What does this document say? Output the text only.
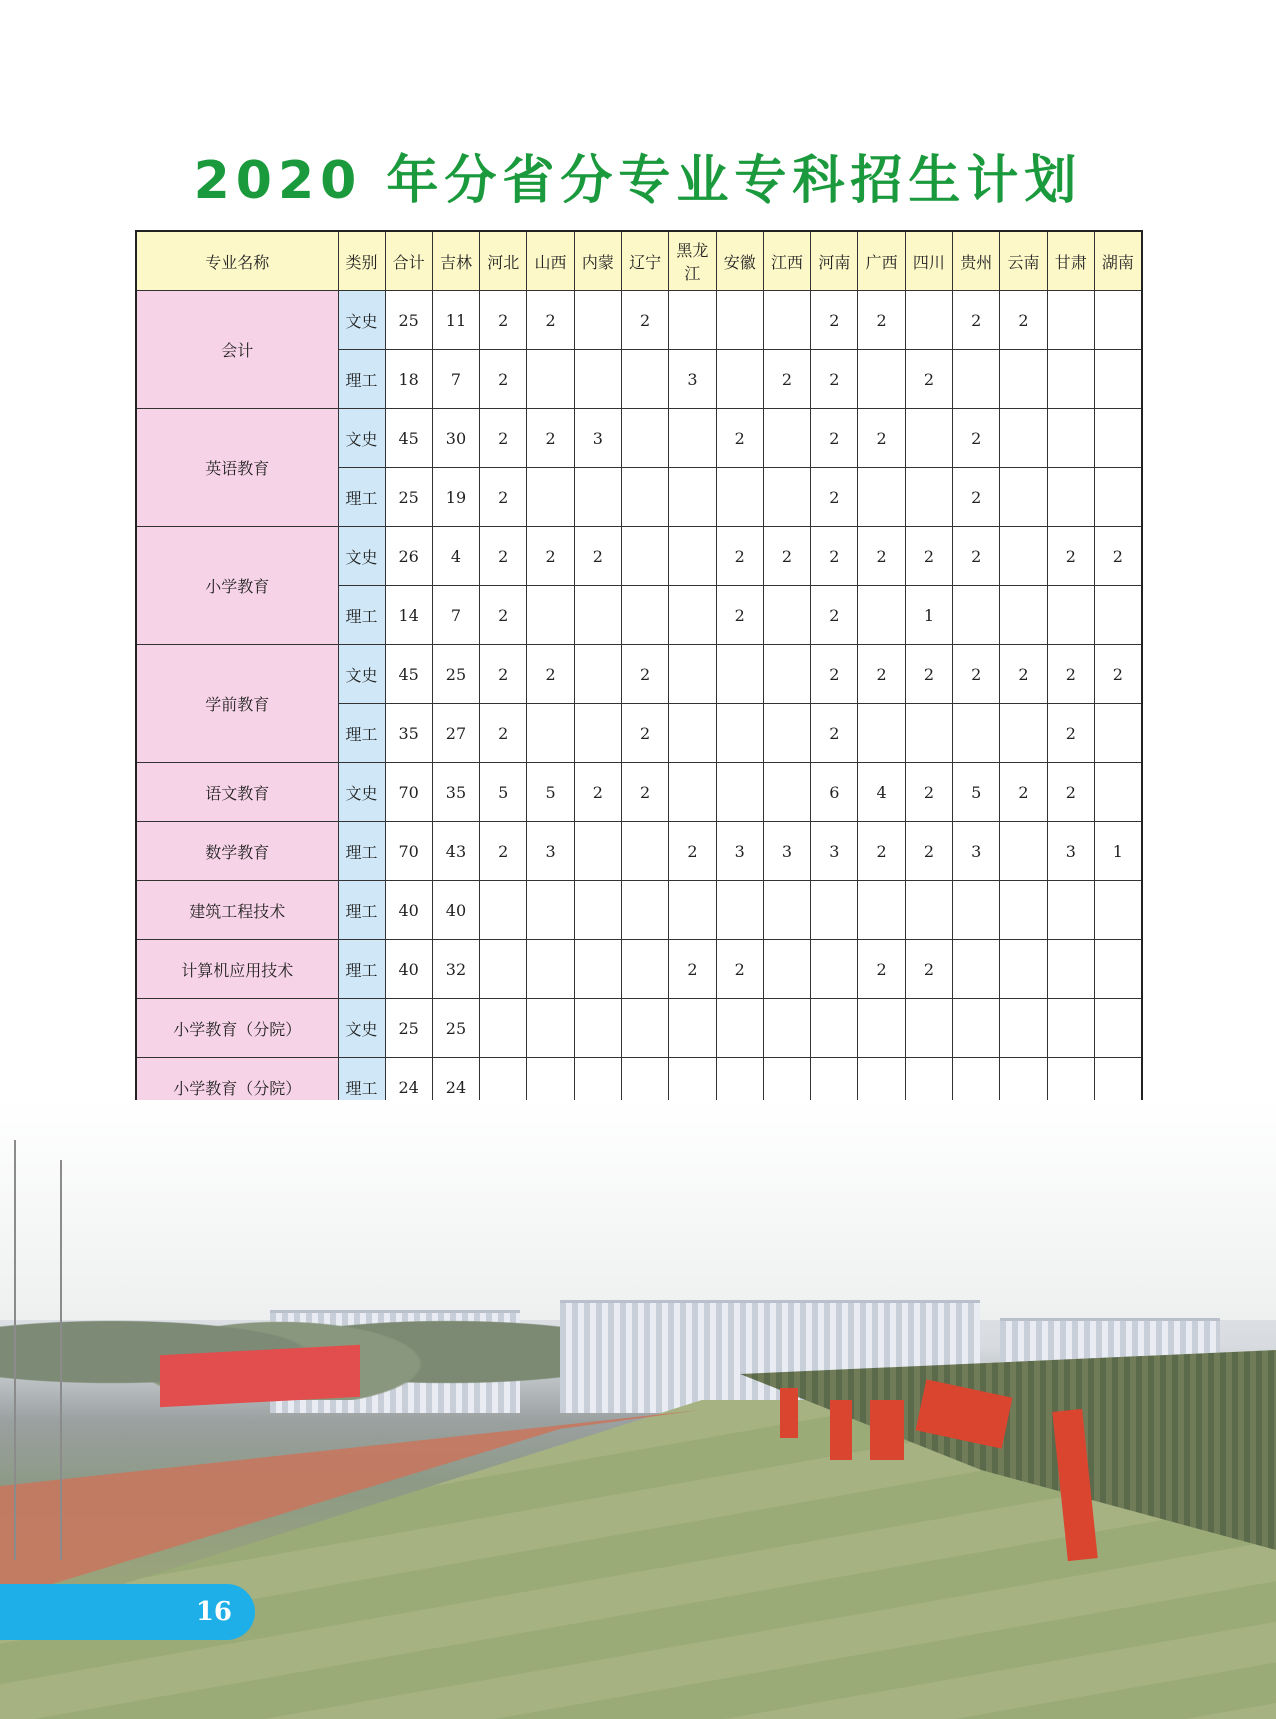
2020 年分省分专业专科招生计划
专业名称	类别	合计	吉林	河北	山西	内蒙	辽宁	黑龙江	安徽	江西	河南	广西	四川	贵州	云南	甘肃	湖南
会计	文史	25	11	2	2		2				2	2		2	2		
	理工	18	7	2				3		2	2		2				
英语教育	文史	45	30	2	2	3			2		2	2		2			
	理工	25	19	2							2			2			
小学教育	文史	26	4	2	2	2			2	2	2	2	2	2		2	2
	理工	14	7	2					2		2		1				
学前教育	文史	45	25	2	2		2				2	2	2	2	2	2	2
	理工	35	27	2			2				2					2	
语文教育	文史	70	35	5	5	2	2				6	4	2	5	2	2	
数学教育	理工	70	43	2	3			2	3	3	3	2	2	3		3	1
建筑工程技术	理工	40	40														
计算机应用技术	理工	40	32					2	2			2	2				
小学教育（分院）	文史	25	25														
小学教育（分院）	理工	24	24														

16
